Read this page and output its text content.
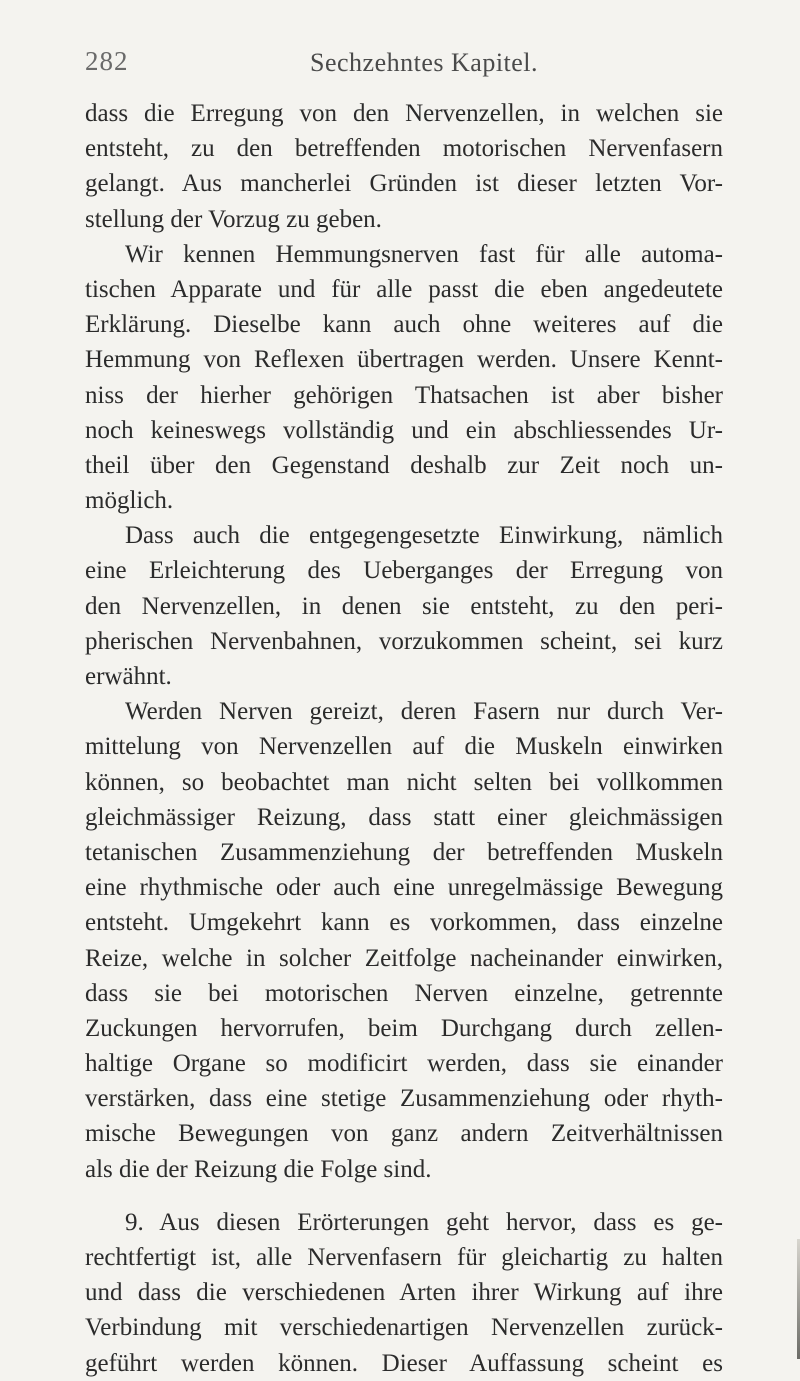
282	Sechzehntes Kapitel.
dass die Erregung von den Nervenzellen, in welchen sie
entsteht, zu den betreffenden motorischen Nervenfasern
gelangt. Aus mancherlei Gründen ist dieser letzten Vor-
stellung der Vorzug zu geben.
Wir kennen Hemmungsnerven fast für alle automa-
tischen Apparate und für alle passt die eben angedeutete
Erklärung. Dieselbe kann auch ohne weiteres auf die
Hemmung von Reflexen übertragen werden. Unsere Kennt-
niss der hierher gehörigen Thatsachen ist aber bisher
noch keineswegs vollständig und ein abschliessendes Ur-
theil über den Gegenstand deshalb zur Zeit noch un-
möglich.
Dass auch die entgegengesetzte Einwirkung, nämlich
eine Erleichterung des Ueberganges der Erregung von
den Nervenzellen, in denen sie entsteht, zu den peri-
pherischen Nervenbahnen, vorzukommen scheint, sei kurz
erwähnt.
Werden Nerven gereizt, deren Fasern nur durch Ver-
mittelung von Nervenzellen auf die Muskeln einwirken
können, so beobachtet man nicht selten bei vollkommen
gleichmässiger Reizung, dass statt einer gleichmässigen
tetanischen Zusammenziehung der betreffenden Muskeln
eine rhythmische oder auch eine unregelmässige Bewegung
entsteht. Umgekehrt kann es vorkommen, dass einzelne
Reize, welche in solcher Zeitfolge nacheinander einwirken,
dass sie bei motorischen Nerven einzelne, getrennte
Zuckungen hervorrufen, beim Durchgang durch zellen-
haltige Organe so modificirt werden, dass sie einander
verstärken, dass eine stetige Zusammenziehung oder rhyth-
mische Bewegungen von ganz andern Zeitverhältnissen
als die der Reizung die Folge sind.
9. Aus diesen Erörterungen geht hervor, dass es ge-
rechtfertigt ist, alle Nervenfasern für gleichartig zu halten
und dass die verschiedenen Arten ihrer Wirkung auf ihre
Verbindung mit verschiedenartigen Nervenzellen zurück-
geführt werden können. Dieser Auffassung scheint es
